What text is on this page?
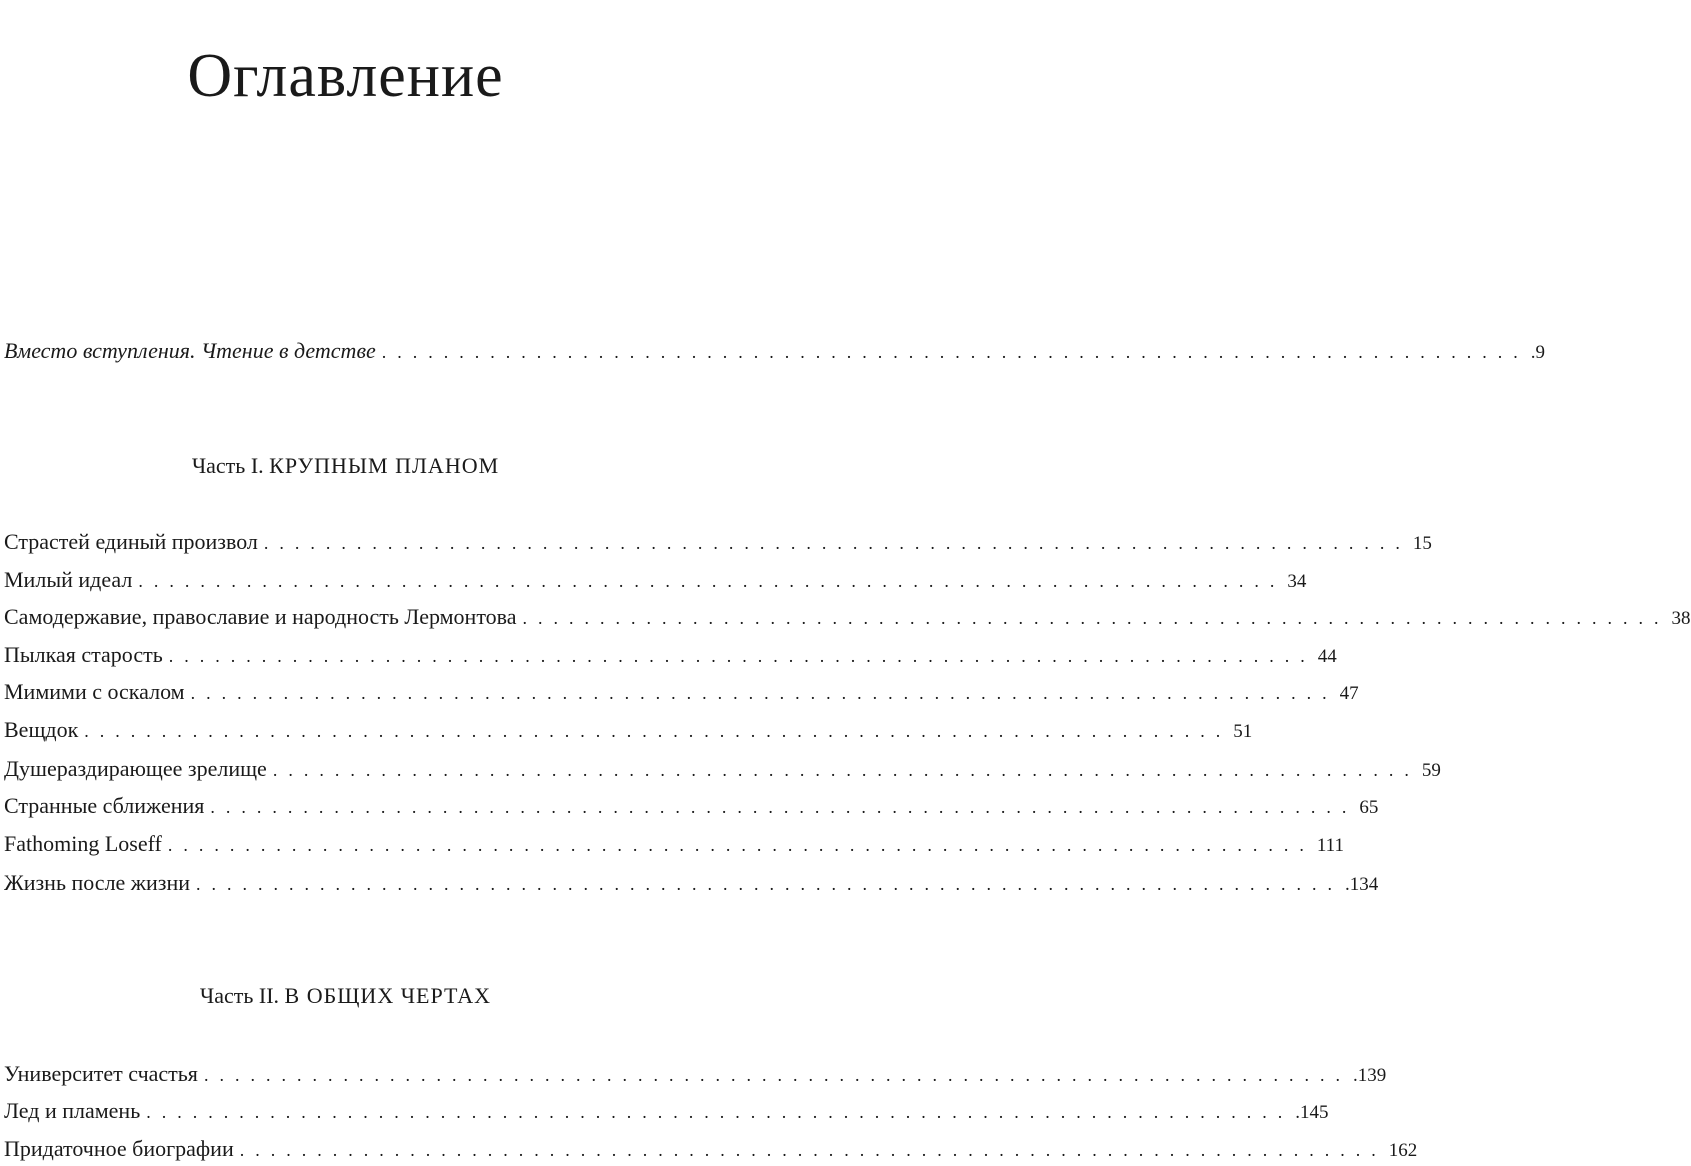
Оглавление
Вместо вступления. Чтение в детстве .......................................................................... .9
Часть I. КРУПНЫМ ПЛАНОМ
Страстей единый произвол .......................................................................... 15
Милый идеал .......................................................................... 34
Самодержавие, православие и народность Лермонтова .......................................................................... 38
Пылкая старость .......................................................................... 44
Мимими с оскалом .......................................................................... 47
Вещдок .......................................................................... 51
Душераздирающее зрелище .......................................................................... 59
Странные сближения .......................................................................... 65
Fathoming Loseff .......................................................................... 111
Жизнь после жизни .......................................................................... .134
Часть II. В ОБЩИХ ЧЕРТАХ
Университет счастья .......................................................................... .139
Лед и пламень .......................................................................... .145
Придаточное биографии .......................................................................... 162
